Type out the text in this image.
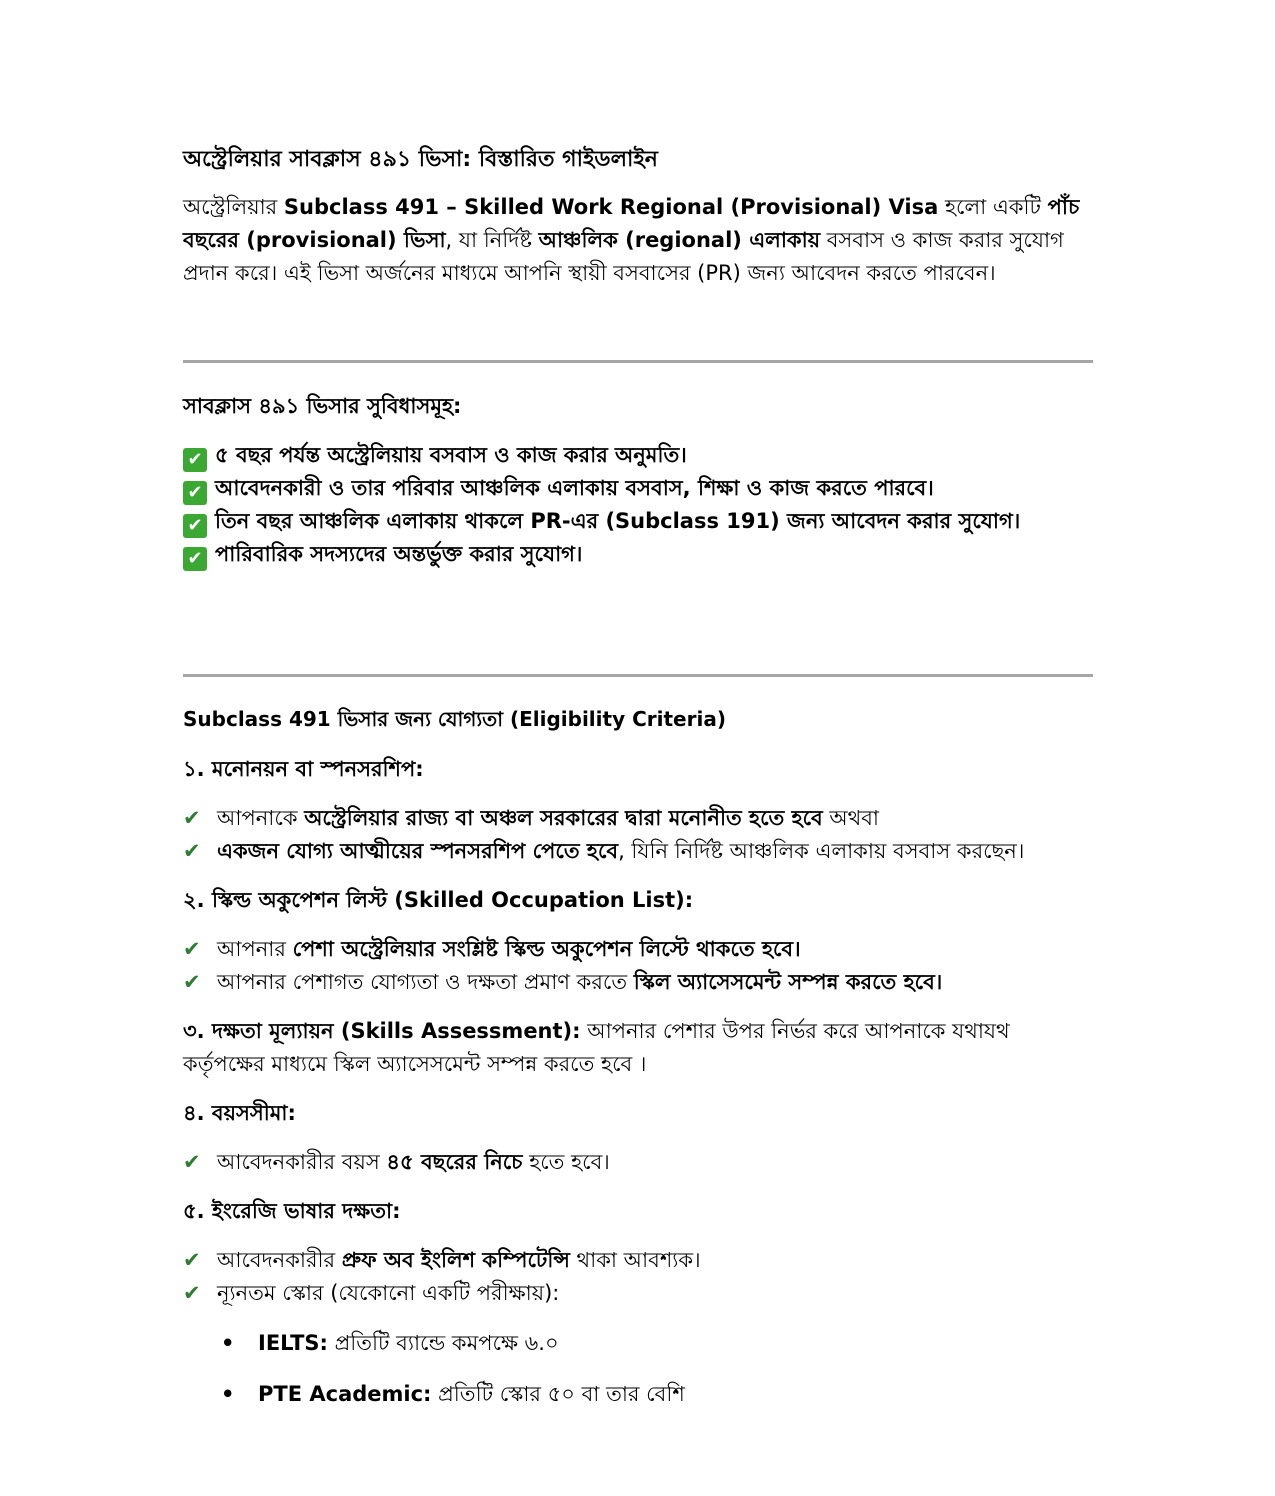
অস্ট্রেলিয়ার সাবক্লাস ৪৯১ ভিসা: বিস্তারিত গাইডলাইন

অস্ট্রেলিয়ার Subclass 491 – Skilled Work Regional (Provisional) Visa হলো একটি পাঁচ বছরের (provisional) ভিসা, যা নির্দিষ্ট আঞ্চলিক (regional) এলাকায় বসবাস ও কাজ করার সুযোগ প্রদান করে। এই ভিসা অর্জনের মাধ্যমে আপনি স্থায়ী বসবাসের (PR) জন্য আবেদন করতে পারবেন।

সাবক্লাস ৪৯১ ভিসার সুবিধাসমূহ:

✔ ৫ বছর পর্যন্ত অস্ট্রেলিয়ায় বসবাস ও কাজ করার অনুমতি।

✔ আবেদনকারী ও তার পরিবার আঞ্চলিক এলাকায় বসবাস, শিক্ষা ও কাজ করতে পারবে।

✔ তিন বছর আঞ্চলিক এলাকায় থাকলে PR-এর (Subclass 191) জন্য আবেদন করার সুযোগ।

✔ পারিবারিক সদস্যদের অন্তর্ভুক্ত করার সুযোগ।

Subclass 491 ভিসার জন্য যোগ্যতা (Eligibility Criteria)

১. মনোনয়ন বা স্পনসরশিপ:

✔ আপনাকে অস্ট্রেলিয়ার রাজ্য বা অঞ্চল সরকারের দ্বারা মনোনীত হতে হবে অথবা

✔ একজন যোগ্য আত্মীয়ের স্পনসরশিপ পেতে হবে, যিনি নির্দিষ্ট আঞ্চলিক এলাকায় বসবাস করছেন।

২. স্কিল্ড অকুপেশন লিস্ট (Skilled Occupation List):

✔ আপনার পেশা অস্ট্রেলিয়ার সংশ্লিষ্ট স্কিল্ড অকুপেশন লিস্টে থাকতে হবে।

✔ আপনার পেশাগত যোগ্যতা ও দক্ষতা প্রমাণ করতে স্কিল অ্যাসেসমেন্ট সম্পন্ন করতে হবে।

৩. দক্ষতা মূল্যায়ন (Skills Assessment): আপনার পেশার উপর নির্ভর করে আপনাকে যথাযথ কর্তৃপক্ষের মাধ্যমে স্কিল অ্যাসেসমেন্ট সম্পন্ন করতে হবে ।

৪. বয়সসীমা:

✔ আবেদনকারীর বয়স ৪৫ বছরের নিচে হতে হবে।

৫. ইংরেজি ভাষার দক্ষতা:

✔ আবেদনকারীর প্রুফ অব ইংলিশ কম্পিটেন্সি থাকা আবশ্যক।

✔ ন্যূনতম স্কোর (যেকোনো একটি পরীক্ষায়):

• IELTS: প্রতিটি ব্যান্ডে কমপক্ষে ৬.০
• PTE Academic: প্রতিটি স্কোর ৫০ বা তার বেশি
